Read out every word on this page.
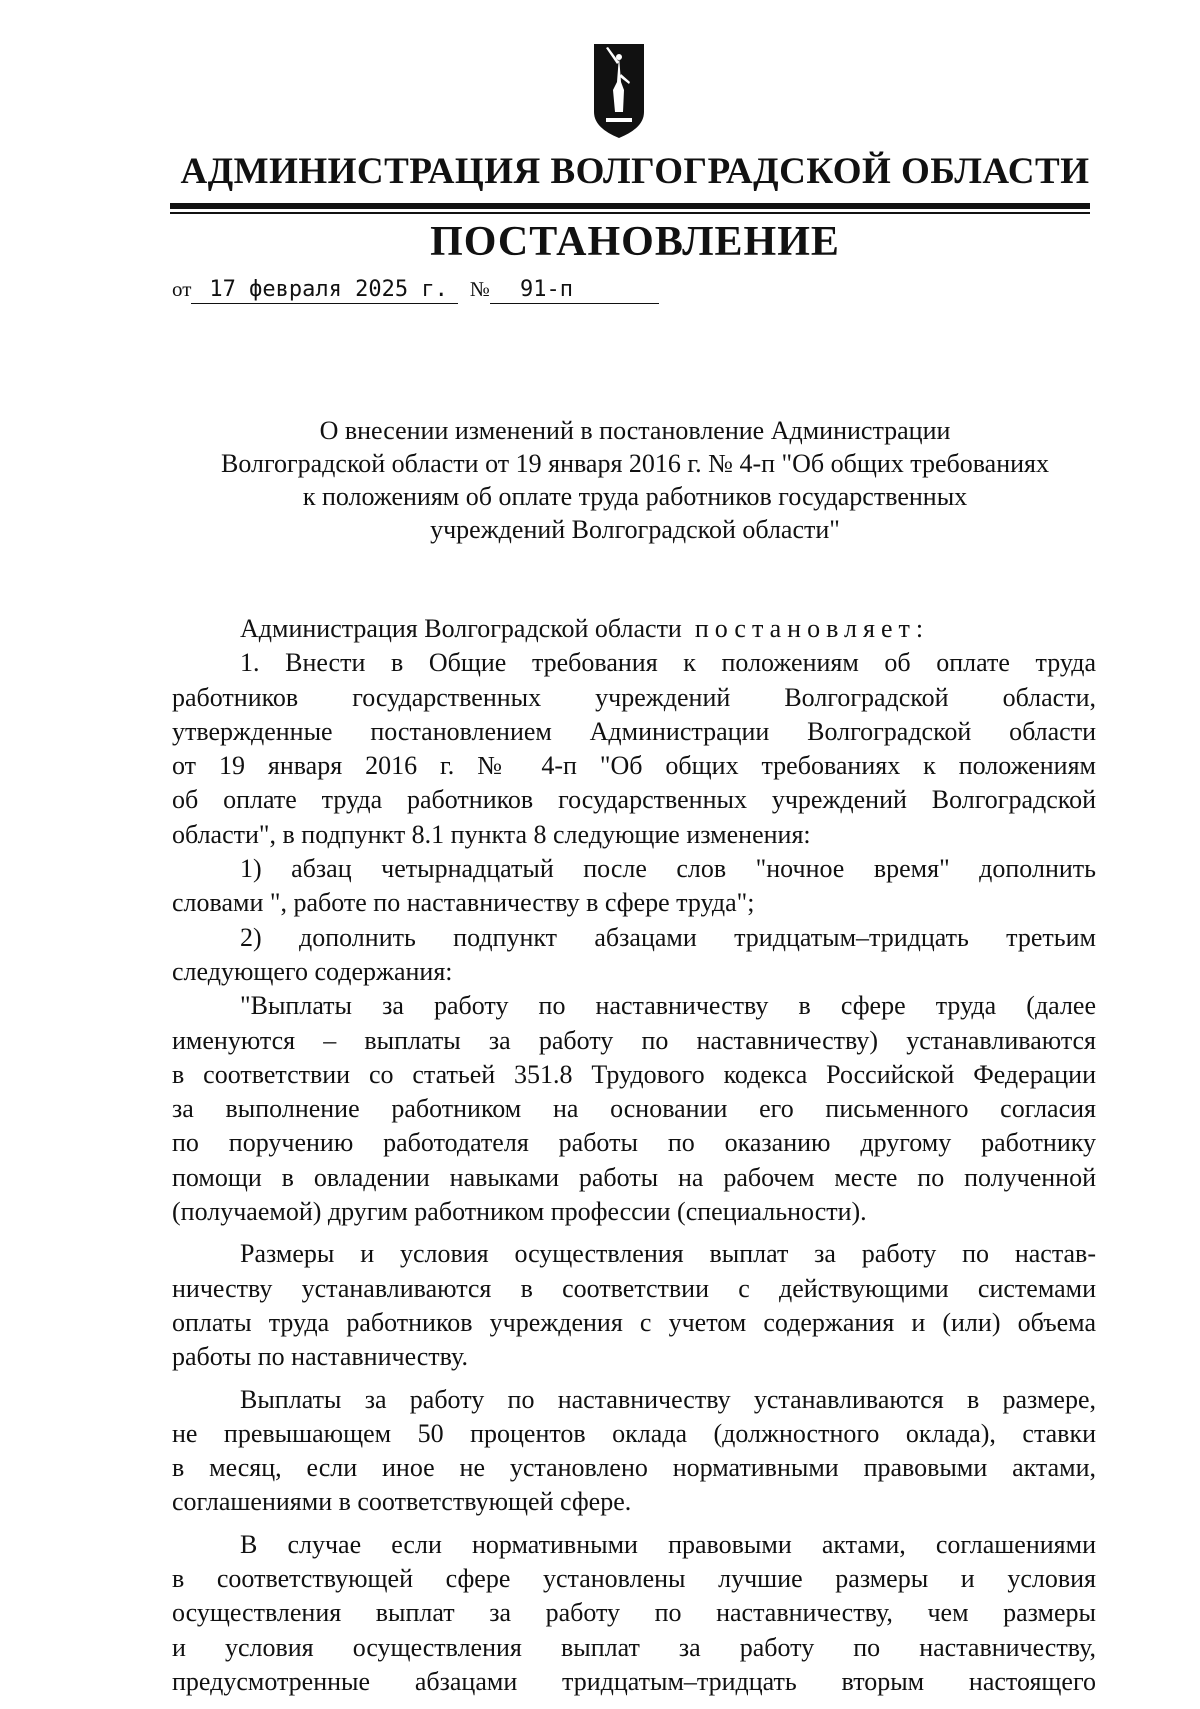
АДМИНИСТРАЦИЯ ВОЛГОГРАДСКОЙ ОБЛАСТИ
ПОСТАНОВЛЕНИЕ
от 17 февраля 2025 г. № 91-п
О внесении изменений в постановление Администрации
Волгоградской области от 19 января 2016 г. № 4-п "Об общих требованиях
к положениям об оплате труда работников государственных
учреждений Волгоградской области"
Администрация Волгоградской области постановляет:
1. Внести в Общие требования к положениям об оплате труда
работников государственных учреждений Волгоградской области,
утвержденные постановлением Администрации Волгоградской области
от 19 января 2016 г. № 4-п "Об общих требованиях к положениям
об оплате труда работников государственных учреждений Волгоградской
области", в подпункт 8.1 пункта 8 следующие изменения:
1) абзац четырнадцатый после слов "ночное время" дополнить
словами ", работе по наставничеству в сфере труда";
2) дополнить подпункт абзацами тридцатым–тридцать третьим
следующего содержания:
"Выплаты за работу по наставничеству в сфере труда (далее
именуются – выплаты за работу по наставничеству) устанавливаются
в соответствии со статьей 351.8 Трудового кодекса Российской Федерации
за выполнение работником на основании его письменного согласия
по поручению работодателя работы по оказанию другому работнику
помощи в овладении навыками работы на рабочем месте по полученной
(получаемой) другим работником профессии (специальности).
Размеры и условия осуществления выплат за работу по настав-
ничеству устанавливаются в соответствии с действующими системами
оплаты труда работников учреждения с учетом содержания и (или) объема
работы по наставничеству.
Выплаты за работу по наставничеству устанавливаются в размере,
не превышающем 50 процентов оклада (должностного оклада), ставки
в месяц, если иное не установлено нормативными правовыми актами,
соглашениями в соответствующей сфере.
В случае если нормативными правовыми актами, соглашениями
в соответствующей сфере установлены лучшие размеры и условия
осуществления выплат за работу по наставничеству, чем размеры
и условия осуществления выплат за работу по наставничеству,
предусмотренные абзацами тридцатым–тридцать вторым настоящего
